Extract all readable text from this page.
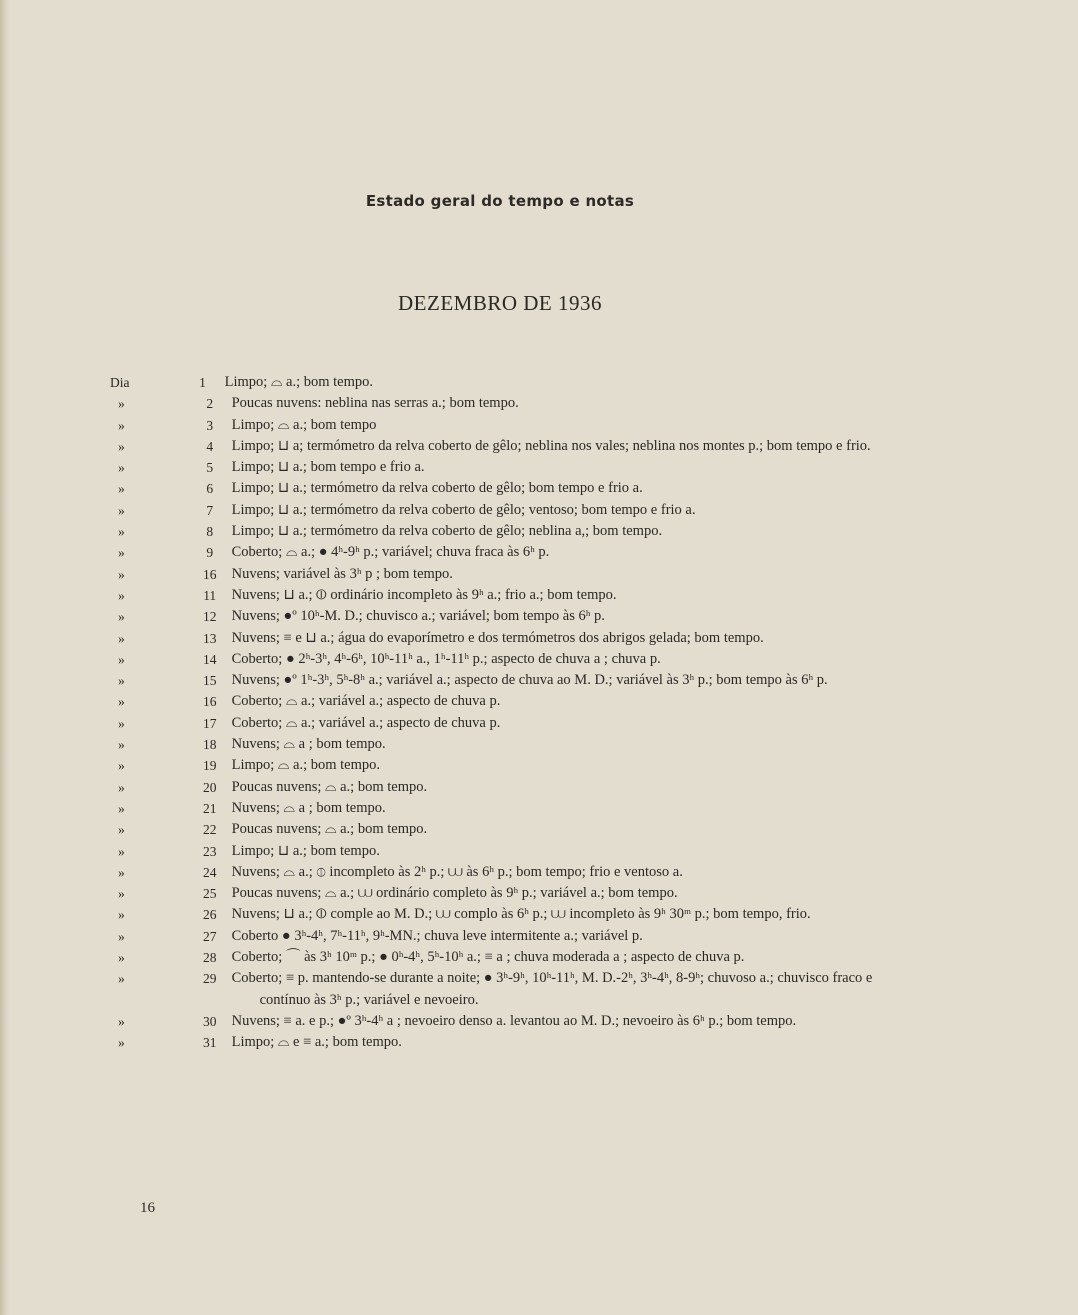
Estado geral do tempo e notas
DEZEMBRO DE 1936
Dia	1	Limpo; ⌓ a.; bom tempo.
»	2	Poucas nuvens: neblina nas serras a.; bom tempo.
»	3	Limpo; ⌓ a.; bom tempo
»	4	Limpo; ⊔ a; termómetro da relva coberto de gêlo; neblina nos vales; neblina nos montes p.; bom tempo e frio.
»	5	Limpo; ⊔ a.; bom tempo e frio a.
»	6	Limpo; ⊔ a.; termómetro da relva coberto de gêlo; bom tempo e frio a.
»	7	Limpo; ⊔ a.; termómetro da relva coberto de gêlo; ventoso; bom tempo e frio a.
»	8	Limpo; ⊔ a.; termómetro da relva coberto de gêlo; neblina a,; bom tempo.
»	9	Coberto; ⌓ a.; ● 4ʰ-9ʰ p.; variável; chuva fraca às 6ʰ p.
»	16	Nuvens; variável às 3ʰ p ; bom tempo.
»	11	Nuvens; ⊔ a.; ⦶ ordinário incompleto às 9ʰ a.; frio a.; bom tempo.
»	12	Nuvens; ●º 10ʰ-M. D.; chuvisco a.; variável; bom tempo às 6ʰ p.
»	13	Nuvens; ≡ e ⊔ a.; água do evaporímetro e dos termómetros dos abrigos gelada; bom tempo.
»	14	Coberto; ● 2ʰ-3ʰ, 4ʰ-6ʰ, 10ʰ-11ʰ a., 1ʰ-11ʰ p.; aspecto de chuva a ; chuva p.
»	15	Nuvens; ●º 1ʰ-3ʰ, 5ʰ-8ʰ a.; variável a.; aspecto de chuva ao M. D.; variável às 3ʰ p.; bom tempo às 6ʰ p.
»	16	Coberto; ⌓ a.; variável a.; aspecto de chuva p.
»	17	Coberto; ⌓ a.; variável a.; aspecto de chuva p.
»	18	Nuvens; ⌓ a ; bom tempo.
»	19	Limpo; ⌓ a.; bom tempo.
»	20	Poucas nuvens; ⌓ a.; bom tempo.
»	21	Nuvens; ⌓ a ; bom tempo.
»	22	Poucas nuvens; ⌓ a.; bom tempo.
»	23	Limpo; ⊔ a.; bom tempo.
»	24	Nuvens; ⌓ a.; ⦶ incompleto às 2ʰ p.; ⩊ às 6ʰ p.; bom tempo; frio e ventoso a.
»	25	Poucas nuvens; ⌓ a.; ⩊ ordinário completo às 9ʰ p.; variável a.; bom tempo.
»	26	Nuvens; ⊔ a.; ⦶ comple ao M. D.; ⩊ complo às 6ʰ p.; ⩊ incompleto às 9ʰ 30ᵐ p.; bom tempo, frio.
»	27	Coberto ● 3ʰ-4ʰ, 7ʰ-11ʰ, 9ʰ-MN.; chuva leve intermitente a.; variável p.
»	28	Coberto; ⌒ às 3ʰ 10ᵐ p.; ● 0ʰ-4ʰ, 5ʰ-10ʰ a.; ≡ a ; chuva moderada a ; aspecto de chuva p.
»	29	Coberto; ≡ p. mantendo-se durante a noite; ● 3ʰ-9ʰ, 10ʰ-11ʰ, M. D.-2ʰ, 3ʰ-4ʰ, 8-9ʰ; chuvoso a.; chuvisco fraco e contínuo às 3ʰ p.; variável e nevoeiro.
»	30	Nuvens; ≡ a. e p.; ●º 3ʰ-4ʰ a ; nevoeiro denso a. levantou ao M. D.; nevoeiro às 6ʰ p.; bom tempo.
»	31	Limpo; ⌓ e ≡ a.; bom tempo.
16
